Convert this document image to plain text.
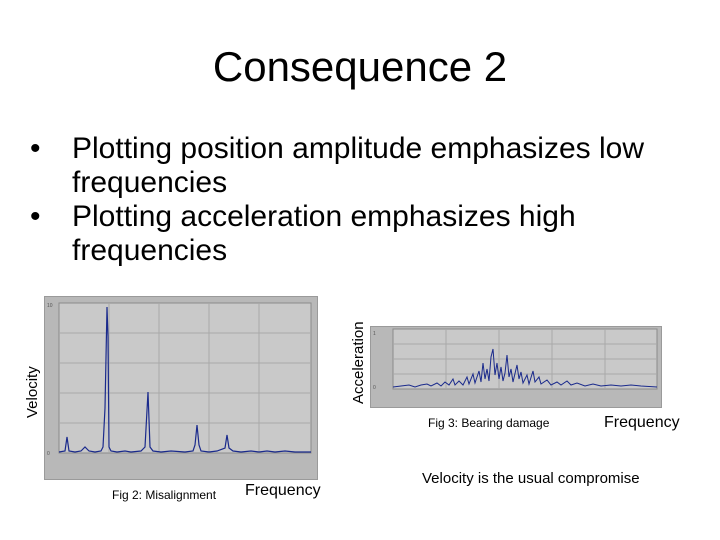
Consequence 2
• Plotting position amplitude emphasizes low frequencies
• Plotting acceleration emphasizes high frequencies
Velocity
10
0
Fig 2: Misalignment Frequency
Acceleration 1
0
Fig 3: Bearing damage	Frequency
Velocity is the usual compromise
